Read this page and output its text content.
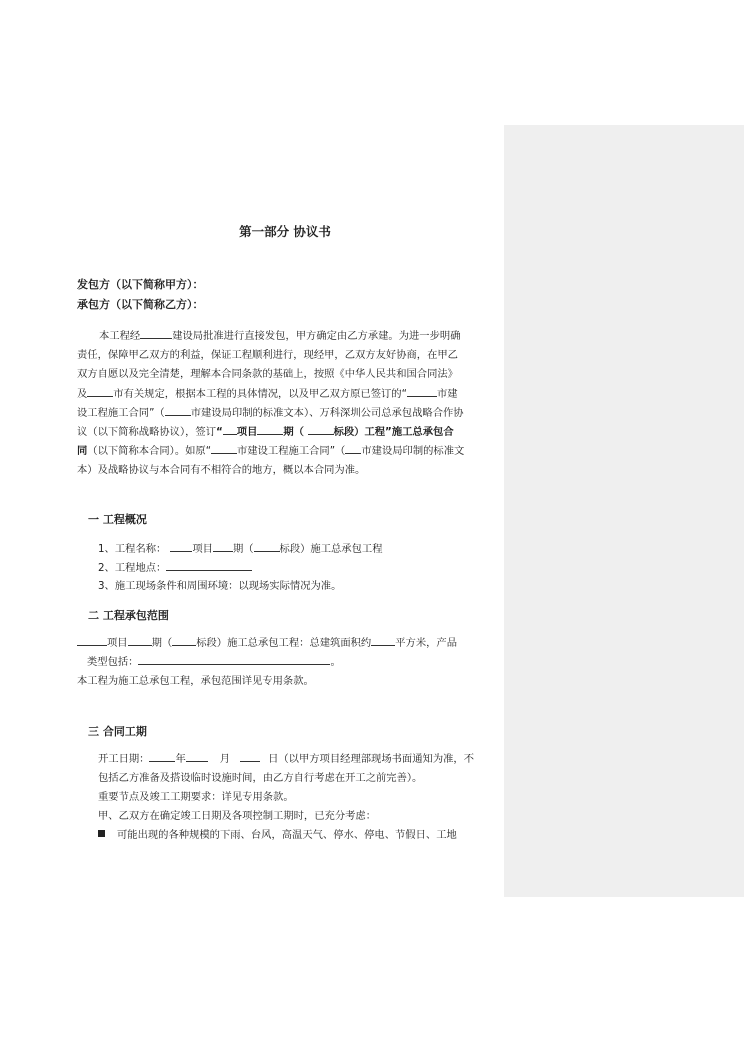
第一部分 协议书
发包方（以下简称甲方）：
承包方（以下简称乙方）：
本工程经	建设局批准进行直接发包，甲方确定由乙方承建。为进一步明确
责任，保障甲乙双方的利益，保证工程顺利进行，现经甲，乙双方友好协商，在甲乙
双方自愿以及完全清楚，理解本合同条款的基础上，按照《中华人民共和国合同法》
及	市有关规定，根据本工程的具体情况，以及甲乙双方原已签订的“	市建
设工程施工合同”（	市建设局印制的标准文本）、万科深圳公司总承包战略合作协
议（以下简称战略协议），签订“ 项目	期（	标段）工程”施工总承包合
同（以下简称本合同）。如原“	市建设工程施工合同”（ 市建设局印制的标准文
本）及战略协议与本合同有不相符合的地方，概以本合同为准。
一 工程概况
1、工程名称：	项目 期（	标段）施工总承包工程
2、工程地点：
3、施工现场条件和周围环境：以现场实际情况为准。
二 工程承包范围
项目 期（ 标段）施工总承包工程：总建筑面积约 平方米，产品
类型包括：	。
本工程为施工总承包工程，承包范围详见专用条款。
三 合同工期
开工日期：	年	月	日（以甲方项目经理部现场书面通知为准，不
包括乙方准备及搭设临时设施时间，由乙方自行考虑在开工之前完善）。
重要节点及竣工工期要求：详见专用条款。
甲、乙双方在确定竣工日期及各项控制工期时，已充分考虑：
可能出现的各种规模的下雨、台风，高温天气、停水、停电、节假日、工地
